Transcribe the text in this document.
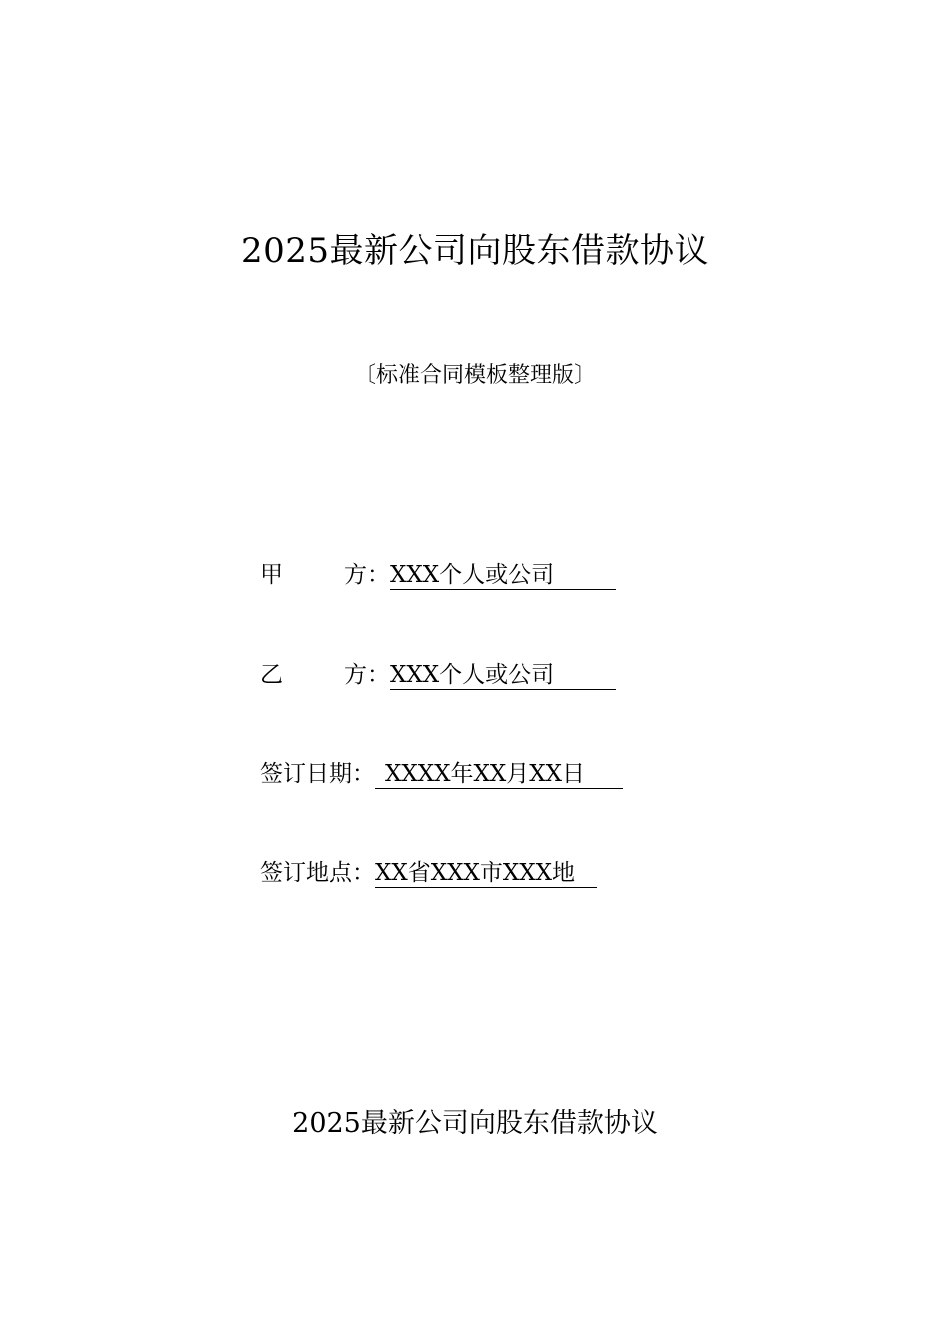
2025最新公司向股东借款协议
〔标准合同模板整理版〕
甲	方： XXX个人或公司
乙	方： XXX个人或公司
签订日期： XXXX年XX月XX日
签订地点： XX省XXX市XXX地
2025最新公司向股东借款协议
